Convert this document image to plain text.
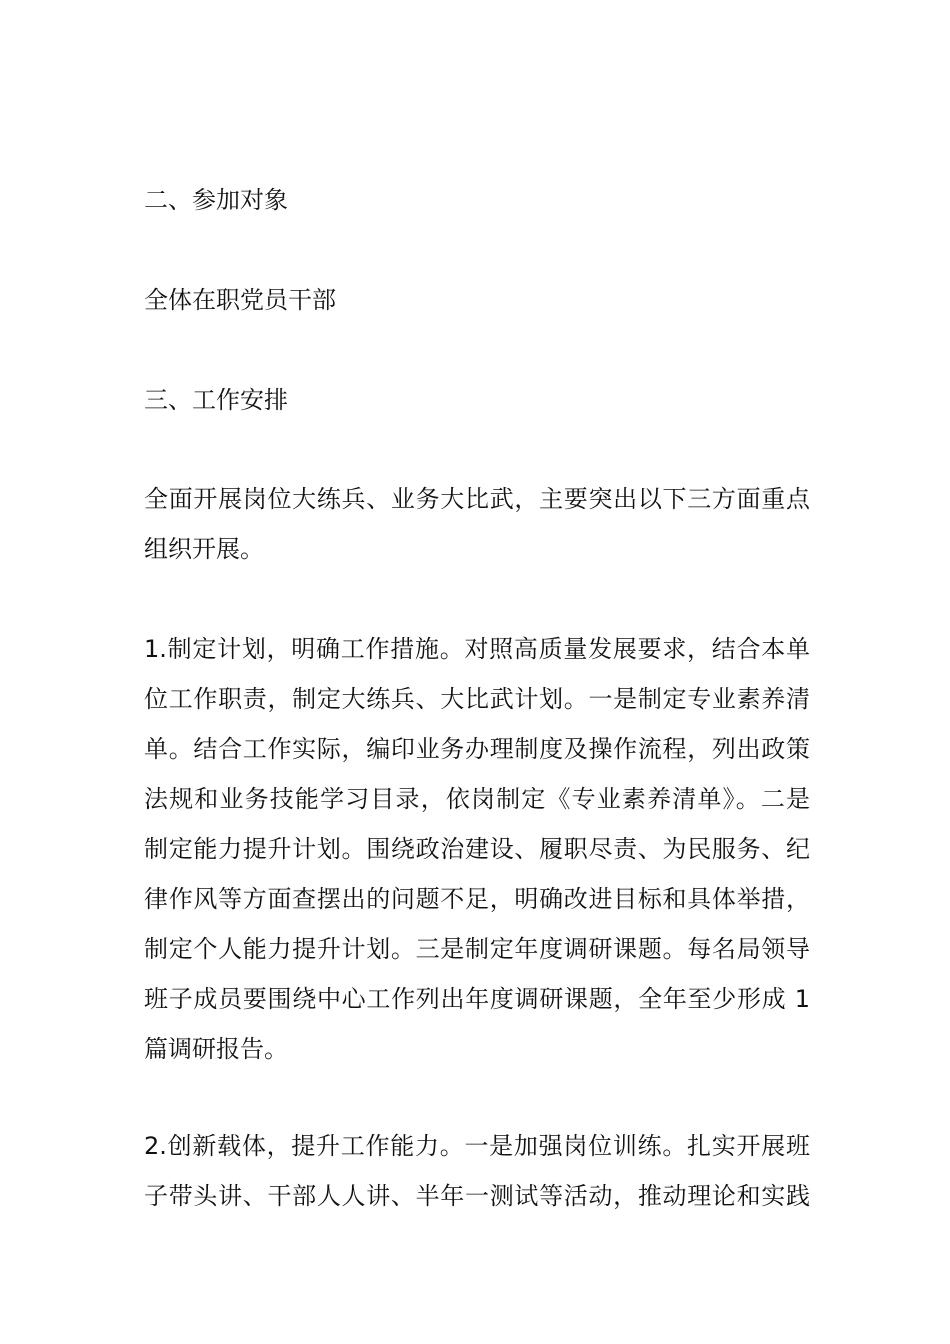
二、参加对象

全体在职党员干部

三、工作安排

全面开展岗位大练兵、业务大比武，主要突出以下三方面重点
组织开展。

1.制定计划，明确工作措施。对照高质量发展要求，结合本单
位工作职责，制定大练兵、大比武计划。一是制定专业素养清
单。结合工作实际，编印业务办理制度及操作流程，列出政策
法规和业务技能学习目录，依岗制定《专业素养清单》。二是
制定能力提升计划。围绕政治建设、履职尽责、为民服务、纪
律作风等方面查摆出的问题不足，明确改进目标和具体举措，
制定个人能力提升计划。三是制定年度调研课题。每名局领导
班子成员要围绕中心工作列出年度调研课题，全年至少形成 1
篇调研报告。

2.创新载体，提升工作能力。一是加强岗位训练。扎实开展班
子带头讲、干部人人讲、半年一测试等活动，推动理论和实践
